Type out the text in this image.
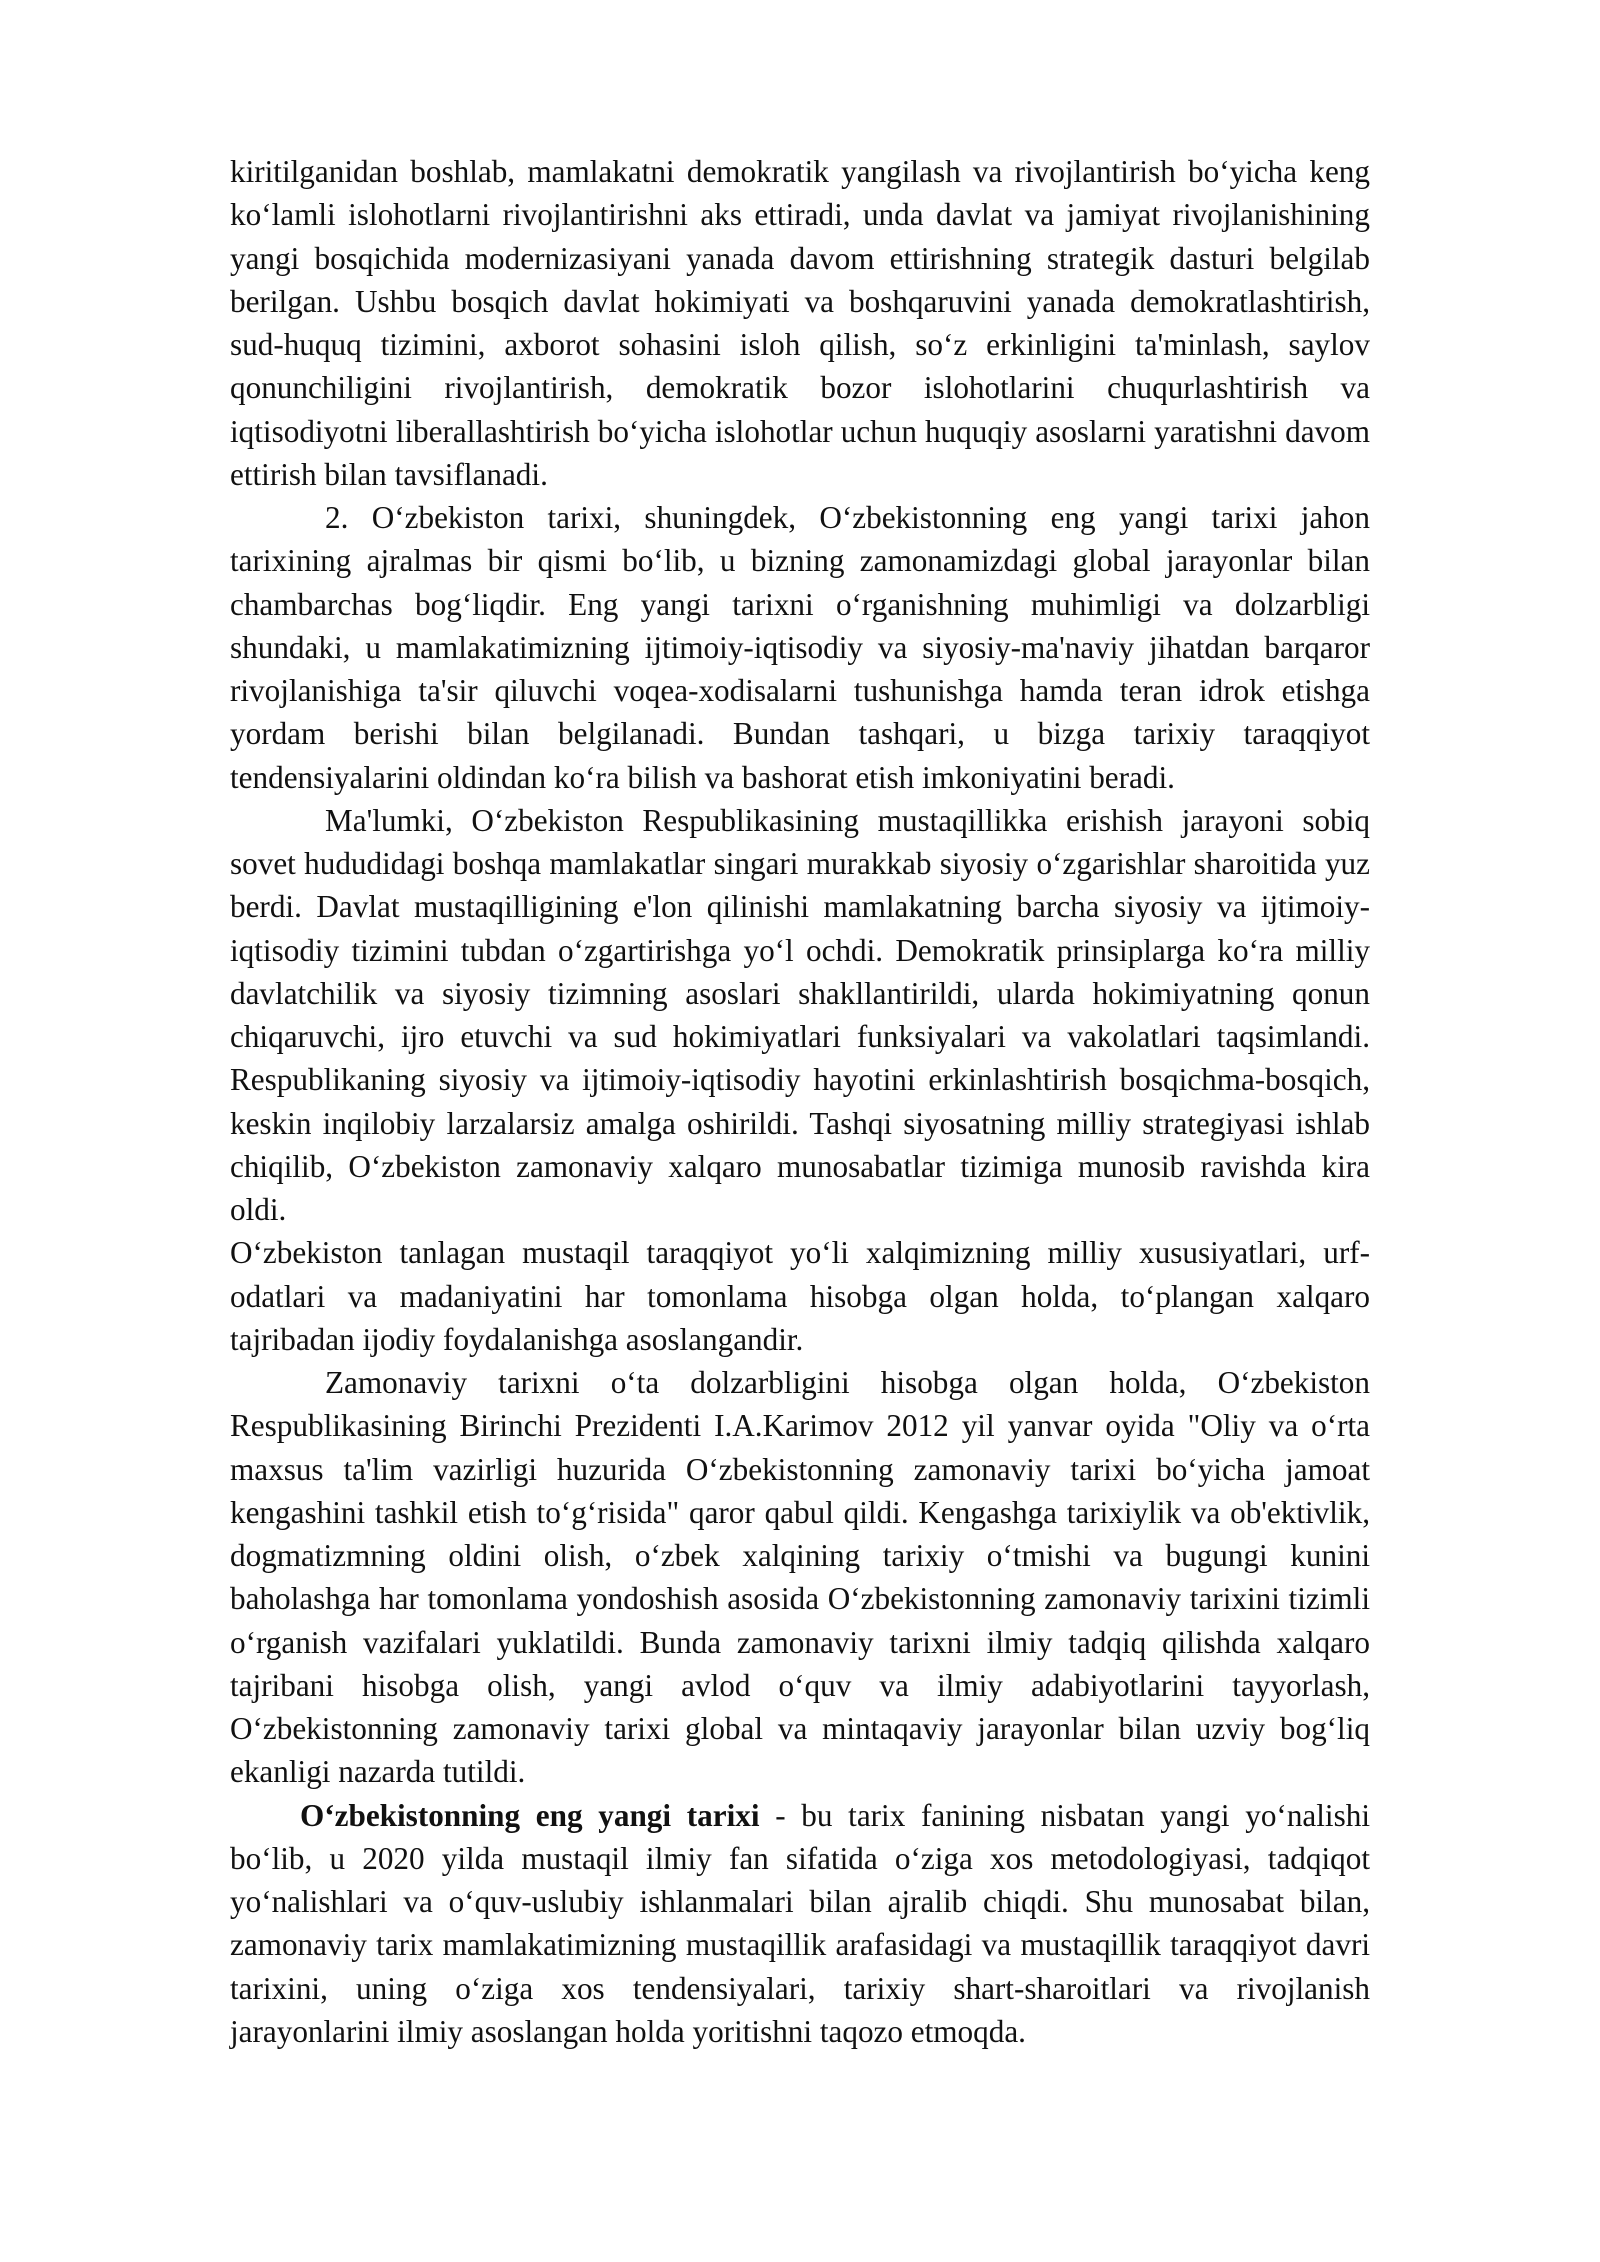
kiritilganidan boshlab, mamlakatni demokratik yangilash va rivojlantirish bo‘yicha keng ko‘lamli islohotlarni rivojlantirishni aks ettiradi, unda davlat va jamiyat rivojlanishining yangi bosqichida modernizasiyani yanada davom ettirishning strategik dasturi belgilab berilgan. Ushbu bosqich davlat hokimiyati va boshqaruvini yanada demokratlashtirish, sud-huquq tizimini, axborot sohasini isloh qilish, so‘z erkinligini ta'minlash, saylov qonunchiligini rivojlantirish, demokratik bozor islohotlarini chuqurlashtirish va iqtisodiyotni liberallashtirish bo‘yicha islohotlar uchun huquqiy asoslarni yaratishni davom ettirish bilan tavsiflanadi.

2. O‘zbekiston tarixi, shuningdek, O‘zbekistonning eng yangi tarixi jahon tarixining ajralmas bir qismi bo‘lib, u bizning zamonamizdagi global jarayonlar bilan chambarchas bog‘liqdir. Eng yangi tarixni o‘rganishning muhimligi va dolzarbligi shundaki, u mamlakatimizning ijtimoiy-iqtisodiy va siyosiy-ma'naviy jihatdan barqaror rivojlanishiga ta'sir qiluvchi voqea-xodisalarni tushunishga hamda teran idrok etishga yordam berishi bilan belgilanadi. Bundan tashqari, u bizga tarixiy taraqqiyot tendensiyalarini oldindan ko‘ra bilish va bashorat etish imkoniyatini beradi.

Ma'lumki, O‘zbekiston Respublikasining mustaqillikka erishish jarayoni sobiq sovet hududidagi boshqa mamlakatlar singari murakkab siyosiy o‘zgarishlar sharoitida yuz berdi. Davlat mustaqilligining e'lon qilinishi mamlakatning barcha siyosiy va ijtimoiy-iqtisodiy tizimini tubdan o‘zgartirishga yo‘l ochdi. Demokratik prinsiplarga ko‘ra milliy davlatchilik va siyosiy tizimning asoslari shakllantirildi, ularda hokimiyatning qonun chiqaruvchi, ijro etuvchi va sud hokimiyatlari funksiyalari va vakolatlari taqsimlandi. Respublikaning siyosiy va ijtimoiy-iqtisodiy hayotini erkinlashtirish bosqichma-bosqich, keskin inqilobiy larzalarsiz amalga oshirildi. Tashqi siyosatning milliy strategiyasi ishlab chiqilib, O‘zbekiston zamonaviy xalqaro munosabatlar tizimiga munosib ravishda kira oldi.

O‘zbekiston tanlagan mustaqil taraqqiyot yo‘li xalqimizning milliy xususiyatlari, urf-odatlari va madaniyatini har tomonlama hisobga olgan holda, to‘plangan xalqaro tajribadan ijodiy foydalanishga asoslangandir.

Zamonaviy tarixni o‘ta dolzarbligini hisobga olgan holda, O‘zbekiston Respublikasining Birinchi Prezidenti I.A.Karimov 2012 yil yanvar oyida "Oliy va o‘rta maxsus ta'lim vazirligi huzurida O‘zbekistonning zamonaviy tarixi bo‘yicha jamoat kengashini tashkil etish to‘g‘risida" qaror qabul qildi. Kengashga tarixiylik va ob'ektivlik, dogmatizmning oldini olish, o‘zbek xalqining tarixiy o‘tmishi va bugungi kunini baholashga har tomonlama yondoshish asosida O‘zbekistonning zamonaviy tarixini tizimli o‘rganish vazifalari yuklatildi. Bunda zamonaviy tarixni ilmiy tadqiq qilishda xalqaro tajribani hisobga olish, yangi avlod o‘quv va ilmiy adabiyotlarini tayyorlash, O‘zbekistonning zamonaviy tarixi global va mintaqaviy jarayonlar bilan uzviy bog‘liq ekanligi nazarda tutildi.

O‘zbekistonning eng yangi tarixi - bu tarix fanining nisbatan yangi yo‘nalishi bo‘lib, u 2020 yilda mustaqil ilmiy fan sifatida o‘ziga xos metodologiyasi, tadqiqot yo‘nalishlari va o‘quv-uslubiy ishlanmalari bilan ajralib chiqdi. Shu munosabat bilan, zamonaviy tarix mamlakatimizning mustaqillik arafasidagi va mustaqillik taraqqiyot davri tarixini, uning o‘ziga xos tendensiyalari, tarixiy shart-sharoitlari va rivojlanish jarayonlarini ilmiy asoslangan holda yoritishni taqozo etmoqda.
